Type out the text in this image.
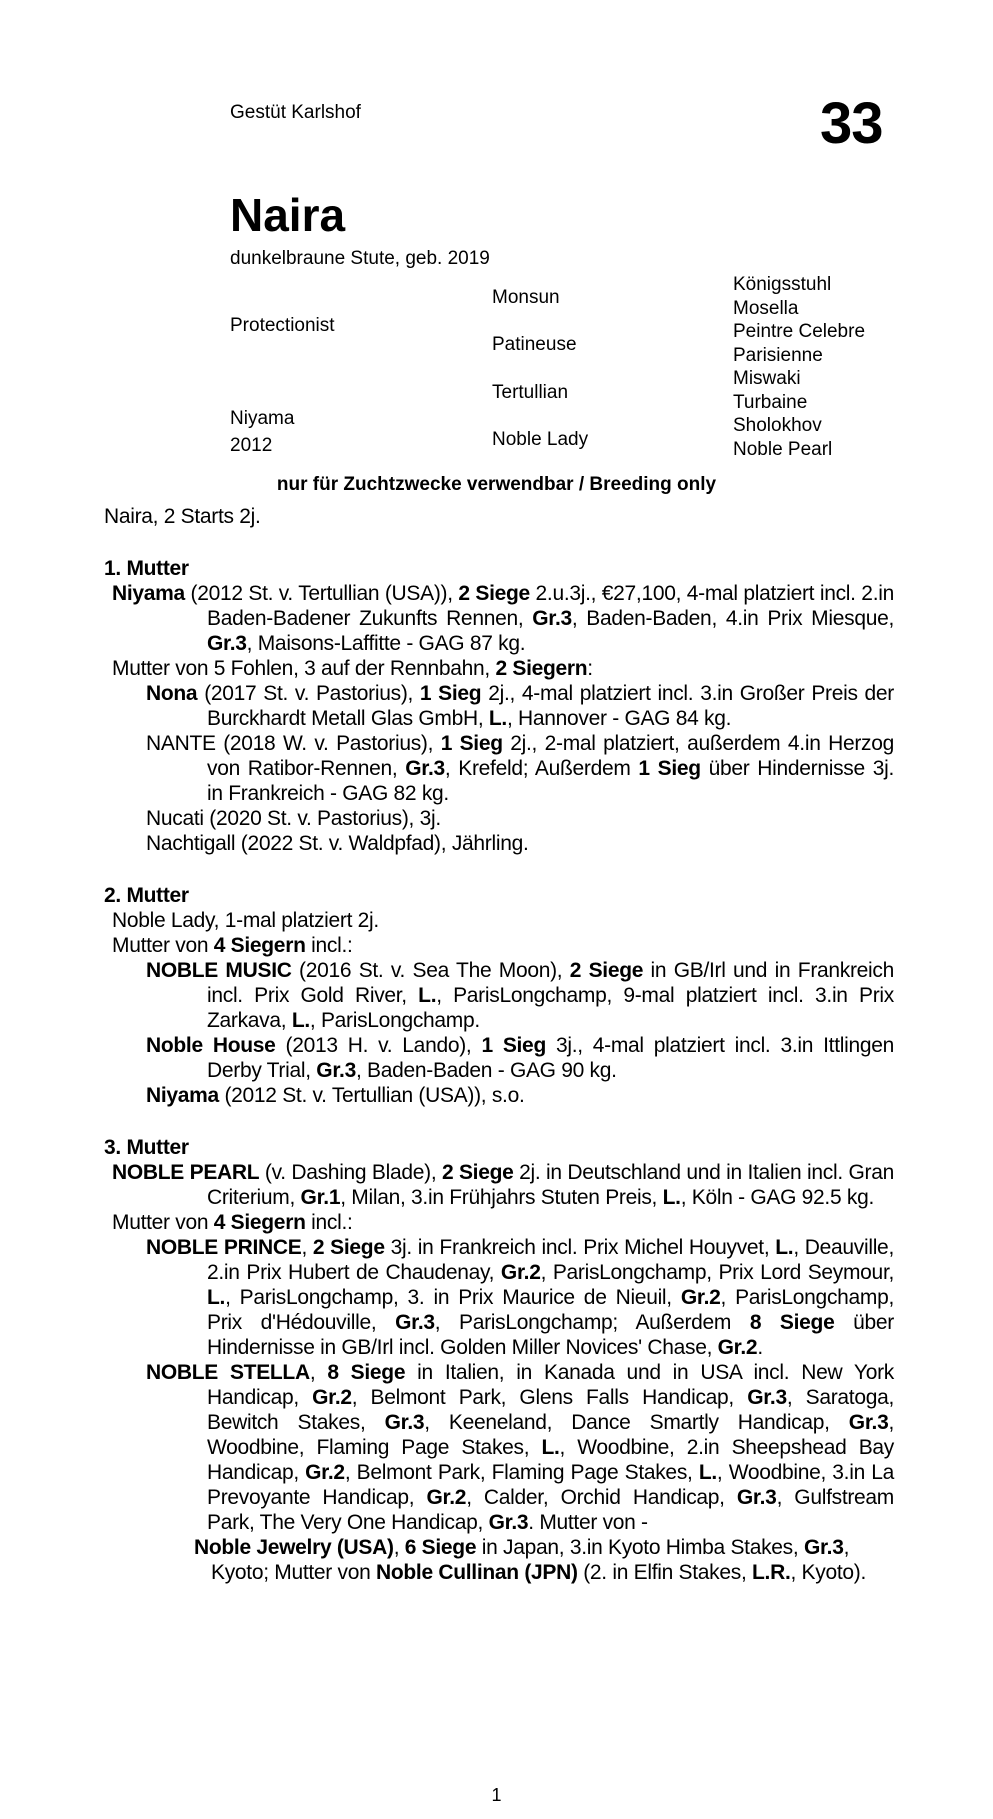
Gestüt Karlshof	33
Naira
dunkelbraune Stute, geb. 2019
Protectionist
Niyama
2012
Monsun
Patineuse
Tertullian
Noble Lady
Königsstuhl
Mosella
Peintre Celebre
Parisienne
Miswaki
Turbaine
Sholokhov
Noble Pearl
nur für Zuchtzwecke verwendbar / Breeding only

Naira, 2 Starts 2j.

1. Mutter

Niyama (2012 St. v. Tertullian (USA)), 2 Siege 2.u.3j., €27,100, 4-mal platziert incl. 2.in Baden-Badener Zukunfts Rennen, Gr.3, Baden-Baden, 4.in Prix Miesque, Gr.3, Maisons-Laffitte - GAG 87 kg.

Mutter von 5 Fohlen, 3 auf der Rennbahn, 2 Siegern:

Nona (2017 St. v. Pastorius), 1 Sieg 2j., 4-mal platziert incl. 3.in Großer Preis der Burckhardt Metall Glas GmbH, L., Hannover - GAG 84 kg.

NANTE (2018 W. v. Pastorius), 1 Sieg 2j., 2-mal platziert, außerdem 4.in Herzog von Ratibor-Rennen, Gr.3, Krefeld; Außerdem 1 Sieg über Hindernisse 3j. in Frankreich - GAG 82 kg.

Nucati (2020 St. v. Pastorius), 3j.

Nachtigall (2022 St. v. Waldpfad), Jährling.

2. Mutter

Noble Lady, 1-mal platziert 2j.

Mutter von 4 Siegern incl.:

NOBLE MUSIC (2016 St. v. Sea The Moon), 2 Siege in GB/Irl und in Frankreich incl. Prix Gold River, L., ParisLongchamp, 9-mal platziert incl. 3.in Prix Zarkava, L., ParisLongchamp.

Noble House (2013 H. v. Lando), 1 Sieg 3j., 4-mal platziert incl. 3.in Ittlingen Derby Trial, Gr.3, Baden-Baden - GAG 90 kg.

Niyama (2012 St. v. Tertullian (USA)), s.o.

3. Mutter

NOBLE PEARL (v. Dashing Blade), 2 Siege 2j. in Deutschland und in Italien incl. Gran Criterium, Gr.1, Milan, 3.in Frühjahrs Stuten Preis, L., Köln - GAG 92.5 kg.

Mutter von 4 Siegern incl.:

NOBLE PRINCE, 2 Siege 3j. in Frankreich incl. Prix Michel Houyvet, L., Deauville, 2.in Prix Hubert de Chaudenay, Gr.2, ParisLongchamp, Prix Lord Seymour, L., ParisLongchamp, 3. in Prix Maurice de Nieuil, Gr.2, ParisLongchamp, Prix d'Hédouville, Gr.3, ParisLongchamp; Außerdem 8 Siege über Hindernisse in GB/Irl incl. Golden Miller Novices' Chase, Gr.2.

NOBLE STELLA, 8 Siege in Italien, in Kanada und in USA incl. New York Handicap, Gr.2, Belmont Park, Glens Falls Handicap, Gr.3, Saratoga, Bewitch Stakes, Gr.3, Keeneland, Dance Smartly Handicap, Gr.3, Woodbine, Flaming Page Stakes, L., Woodbine, 2.in Sheepshead Bay Handicap, Gr.2, Belmont Park, Flaming Page Stakes, L., Woodbine, 3.in La Prevoyante Handicap, Gr.2, Calder, Orchid Handicap, Gr.3, Gulfstream Park, The Very One Handicap, Gr.3. Mutter von -

Noble Jewelry (USA), 6 Siege in Japan, 3.in Kyoto Himba Stakes, Gr.3, Kyoto; Mutter von Noble Cullinan (JPN) (2. in Elfin Stakes, L.R., Kyoto).

1
